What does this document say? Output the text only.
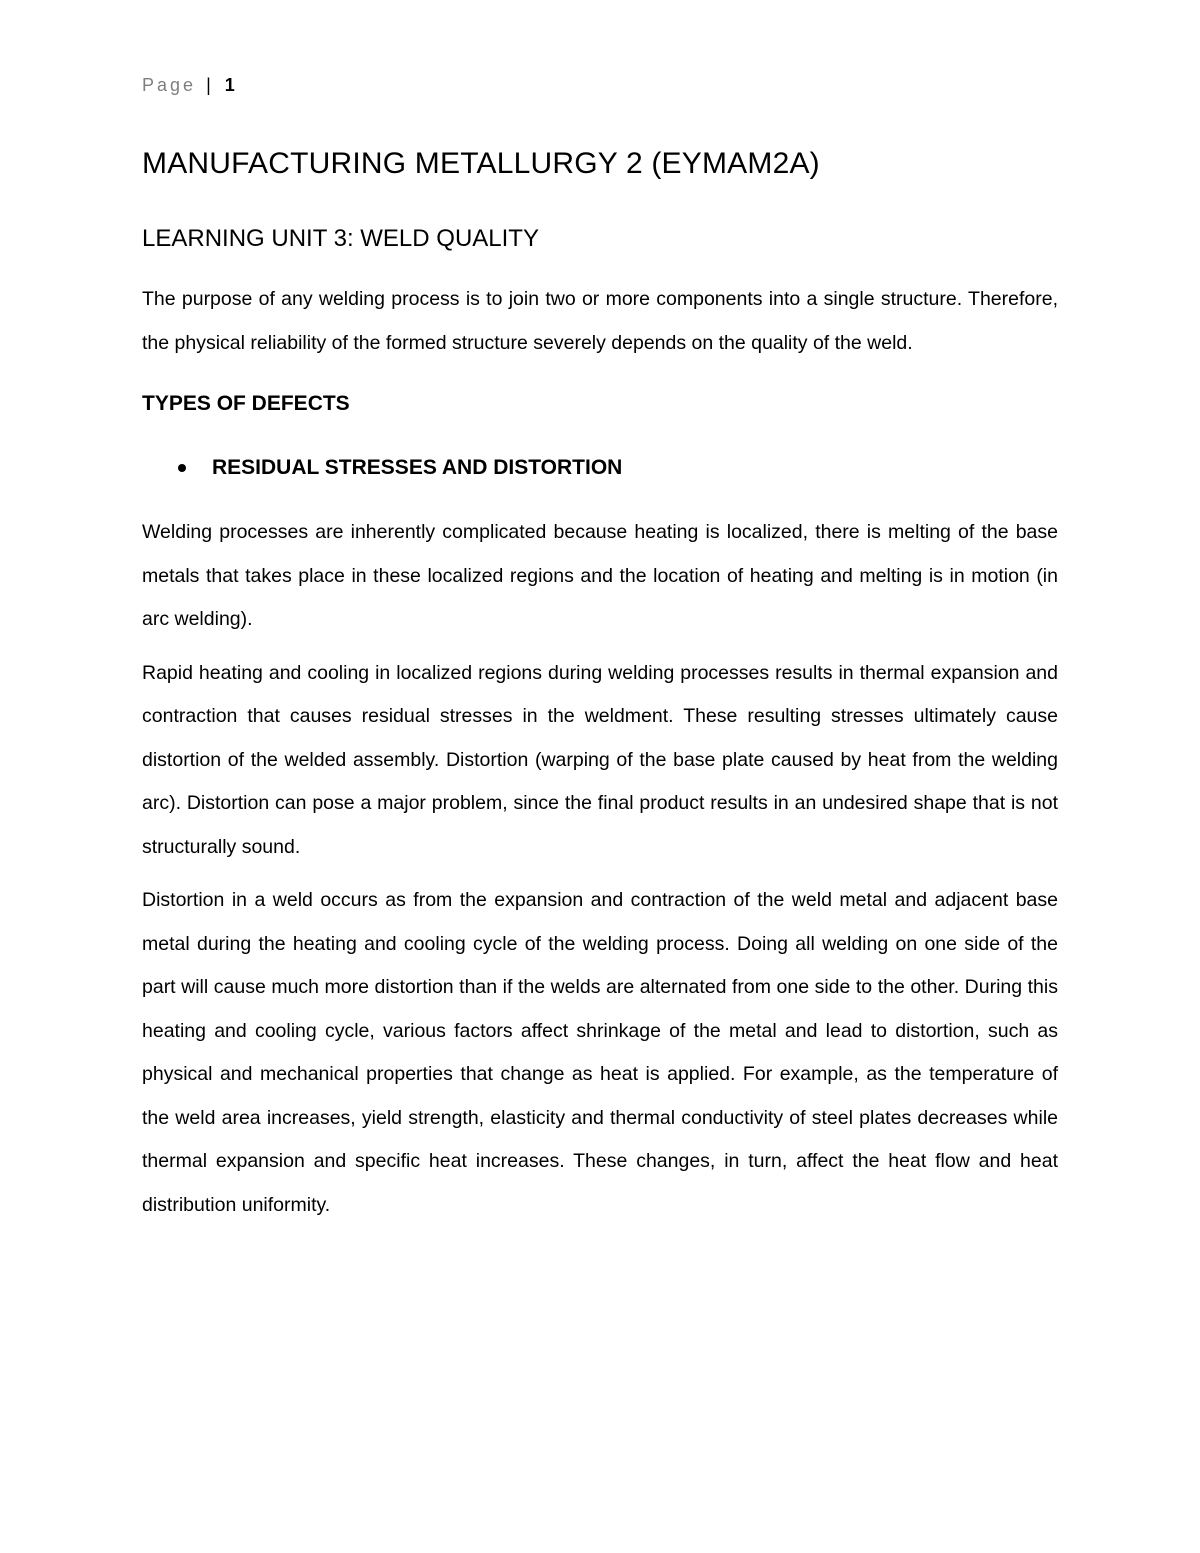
Page | 1
MANUFACTURING METALLURGY 2 (EYMAM2A)
LEARNING UNIT 3: WELD QUALITY

The purpose of any welding process is to join two or more components into a single structure. Therefore, the physical reliability of the formed structure severely depends on the quality of the weld.

TYPES OF DEFECTS
RESIDUAL STRESSES AND DISTORTION

Welding processes are inherently complicated because heating is localized, there is melting of the base metals that takes place in these localized regions and the location of heating and melting is in motion (in arc welding).

Rapid heating and cooling in localized regions during welding processes results in thermal expansion and contraction that causes residual stresses in the weldment. These resulting stresses ultimately cause distortion of the welded assembly. Distortion (warping of the base plate caused by heat from the welding arc). Distortion can pose a major problem, since the final product results in an undesired shape that is not structurally sound.

Distortion in a weld occurs as from the expansion and contraction of the weld metal and adjacent base metal during the heating and cooling cycle of the welding process. Doing all welding on one side of the part will cause much more distortion than if the welds are alternated from one side to the other. During this heating and cooling cycle, various factors affect shrinkage of the metal and lead to distortion, such as physical and mechanical properties that change as heat is applied. For example, as the temperature of the weld area increases, yield strength, elasticity and thermal conductivity of steel plates decreases while thermal expansion and specific heat increases. These changes, in turn, affect the heat flow and heat distribution uniformity.
